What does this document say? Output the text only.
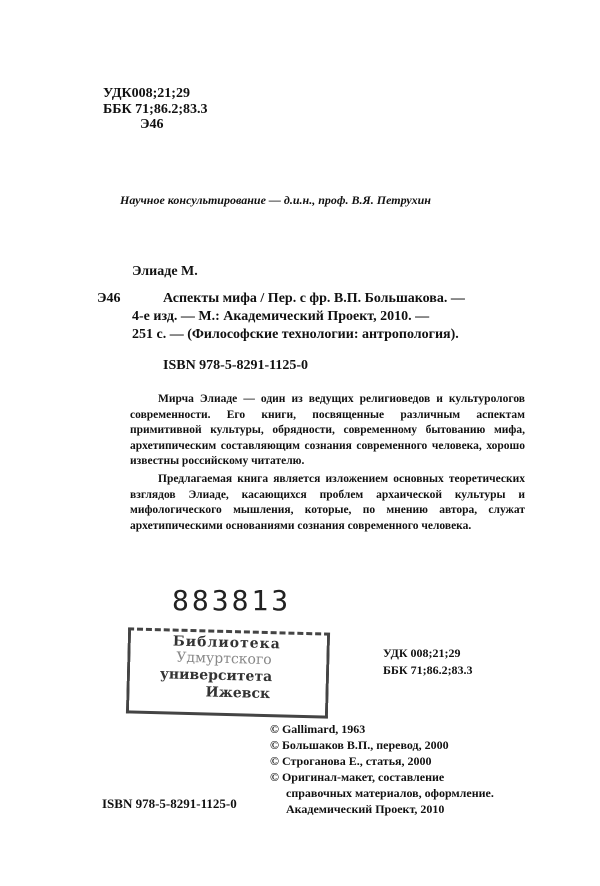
УДК008;21;29
ББК 71;86.2;83.3
Э46
Научное консультирование — д.и.н., проф. В.Я. Петрухин
Элиаде М.
Э46	Аспекты мифа / Пер. с фр. В.П. Большакова. —
4-е изд. — М.: Академический Проект, 2010. —
251 с. — (Философские технологии: антропология).
ISBN 978-5-8291-1125-0

Мирча Элиаде — один из ведущих религиоведов и культурологов современности. Его книги, посвященные различным аспектам примитивной культуры, обрядности, современному бытованию мифа, архетипическим составляющим сознания современного человека, хорошо известны российскому читателю.

Предлагаемая книга является изложением основных теоретических взглядов Элиаде, касающихся проблем архаической культуры и мифологического мышления, которые, по мнению автора, служат архетипическими основаниями сознания современного человека.

883813
Библиотека
Удмуртского
университета
Ижевск
УДК 008;21;29
ББК 71;86.2;83.3
© Gallimard, 1963
© Большаков В.П., перевод, 2000
© Строганова Е., статья, 2000
© Оригинал-макет, составление
справочных материалов, оформление.
Академический Проект, 2010
ISBN 978-5-8291-1125-0
